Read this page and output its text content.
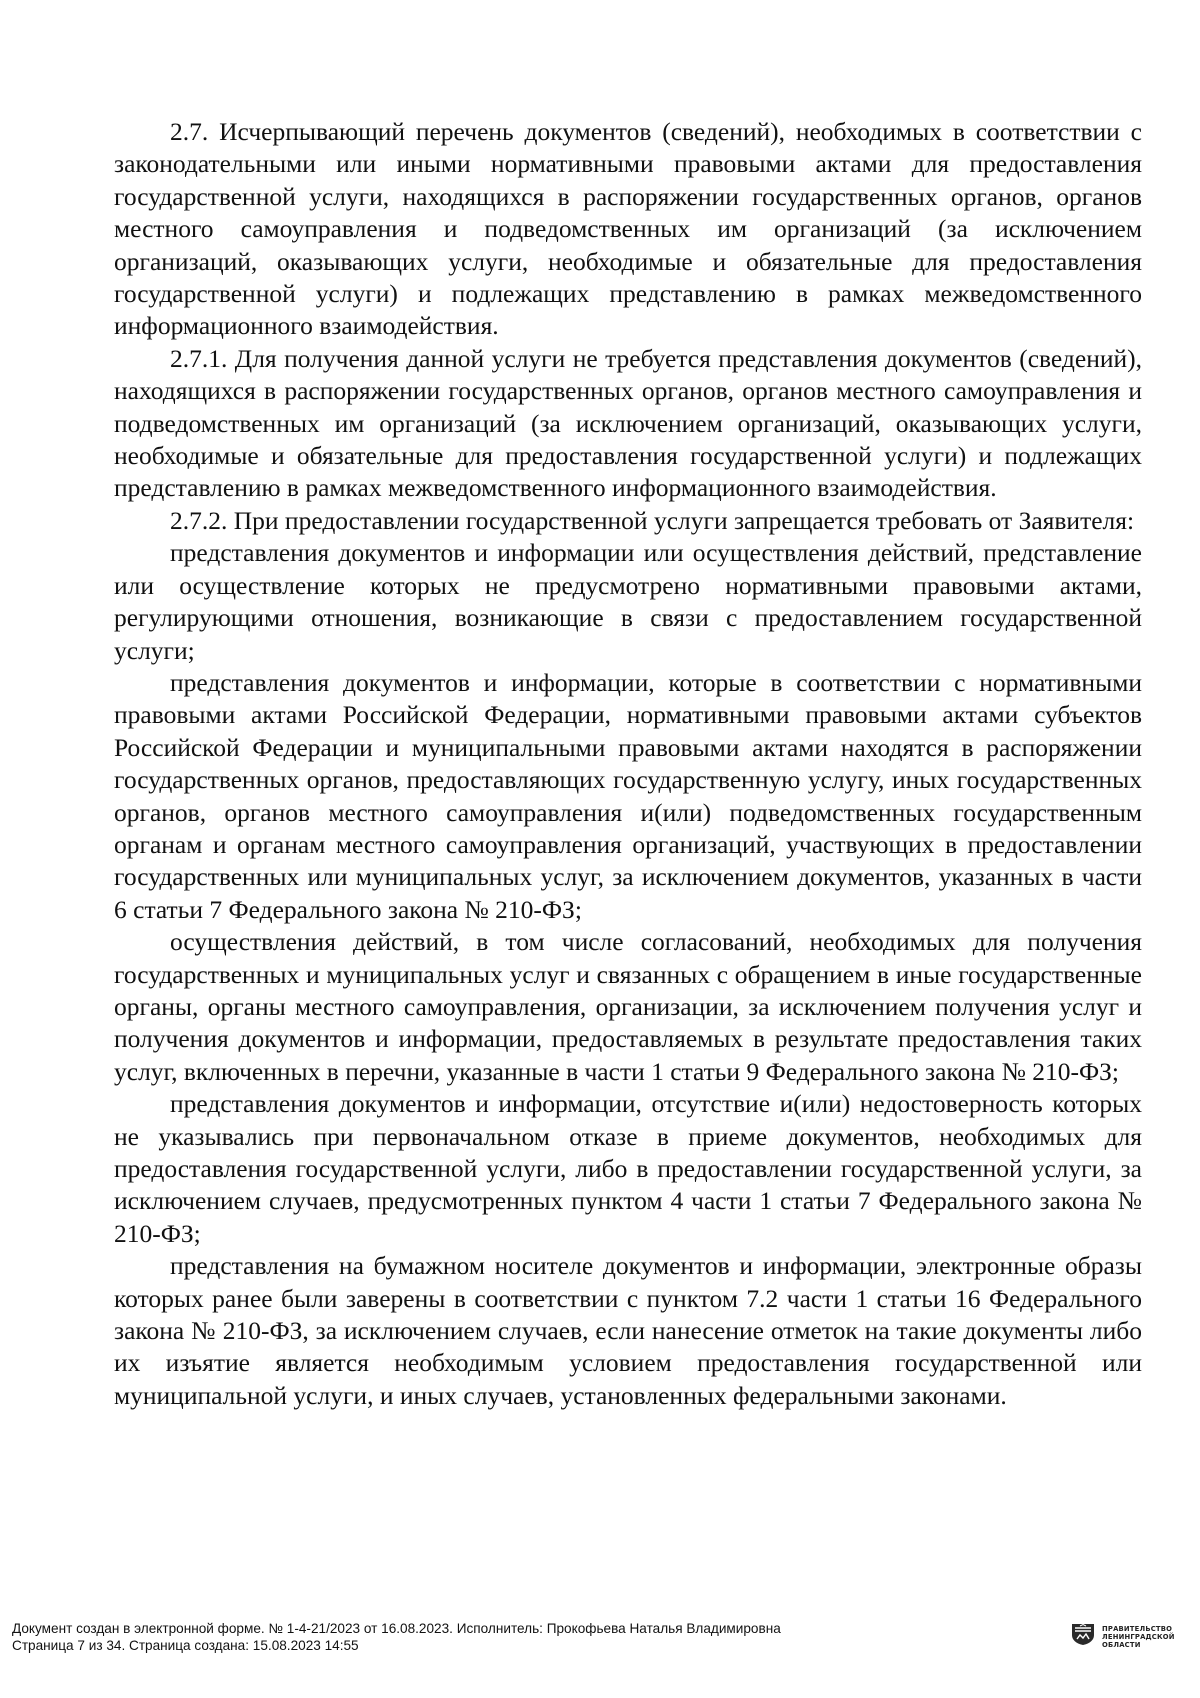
2.7. Исчерпывающий перечень документов (сведений), необходимых в соответствии с законодательными или иными нормативными правовыми актами для предоставления государственной услуги, находящихся в распоряжении государственных органов, органов местного самоуправления и подведомственных им организаций (за исключением организаций, оказывающих услуги, необходимые и обязательные для предоставления государственной услуги) и подлежащих представлению в рамках межведомственного информационного взаимодействия.

2.7.1. Для получения данной услуги не требуется представления документов (сведений), находящихся в распоряжении государственных органов, органов местного самоуправления и подведомственных им организаций (за исключением организаций, оказывающих услуги, необходимые и обязательные для предоставления государственной услуги) и подлежащих представлению в рамках межведомственного информационного взаимодействия.

2.7.2. При предоставлении государственной услуги запрещается требовать от Заявителя:

представления документов и информации или осуществления действий, представление или осуществление которых не предусмотрено нормативными правовыми актами, регулирующими отношения, возникающие в связи с предоставлением государственной услуги;

представления документов и информации, которые в соответствии с нормативными правовыми актами Российской Федерации, нормативными правовыми актами субъектов Российской Федерации и муниципальными правовыми актами находятся в распоряжении государственных органов, предоставляющих государственную услугу, иных государственных органов, органов местного самоуправления и(или) подведомственных государственным органам и органам местного самоуправления организаций, участвующих в предоставлении государственных или муниципальных услуг, за исключением документов, указанных в части 6 статьи 7 Федерального закона № 210-ФЗ;

осуществления действий, в том числе согласований, необходимых для получения государственных и муниципальных услуг и связанных с обращением в иные государственные органы, органы местного самоуправления, организации, за исключением получения услуг и получения документов и информации, предоставляемых в результате предоставления таких услуг, включенных в перечни, указанные в части 1 статьи 9 Федерального закона № 210-ФЗ;

представления документов и информации, отсутствие и(или) недостоверность которых не указывались при первоначальном отказе в приеме документов, необходимых для предоставления государственной услуги, либо в предоставлении государственной услуги, за исключением случаев, предусмотренных пунктом 4 части 1 статьи 7 Федерального закона № 210-ФЗ;

представления на бумажном носителе документов и информации, электронные образы которых ранее были заверены в соответствии с пунктом 7.2 части 1 статьи 16 Федерального закона № 210-ФЗ, за исключением случаев, если нанесение отметок на такие документы либо их изъятие является необходимым условием предоставления государственной или муниципальной услуги, и иных случаев, установленных федеральными законами.

Документ создан в электронной форме. № 1-4-21/2023 от 16.08.2023. Исполнитель: Прокофьева Наталья Владимировна
Страница 7 из 34. Страница создана: 15.08.2023 14:55
ПРАВИТЕЛЬСТВО
ЛЕНИНГРАДСКОЙ
ОБЛАСТИ
